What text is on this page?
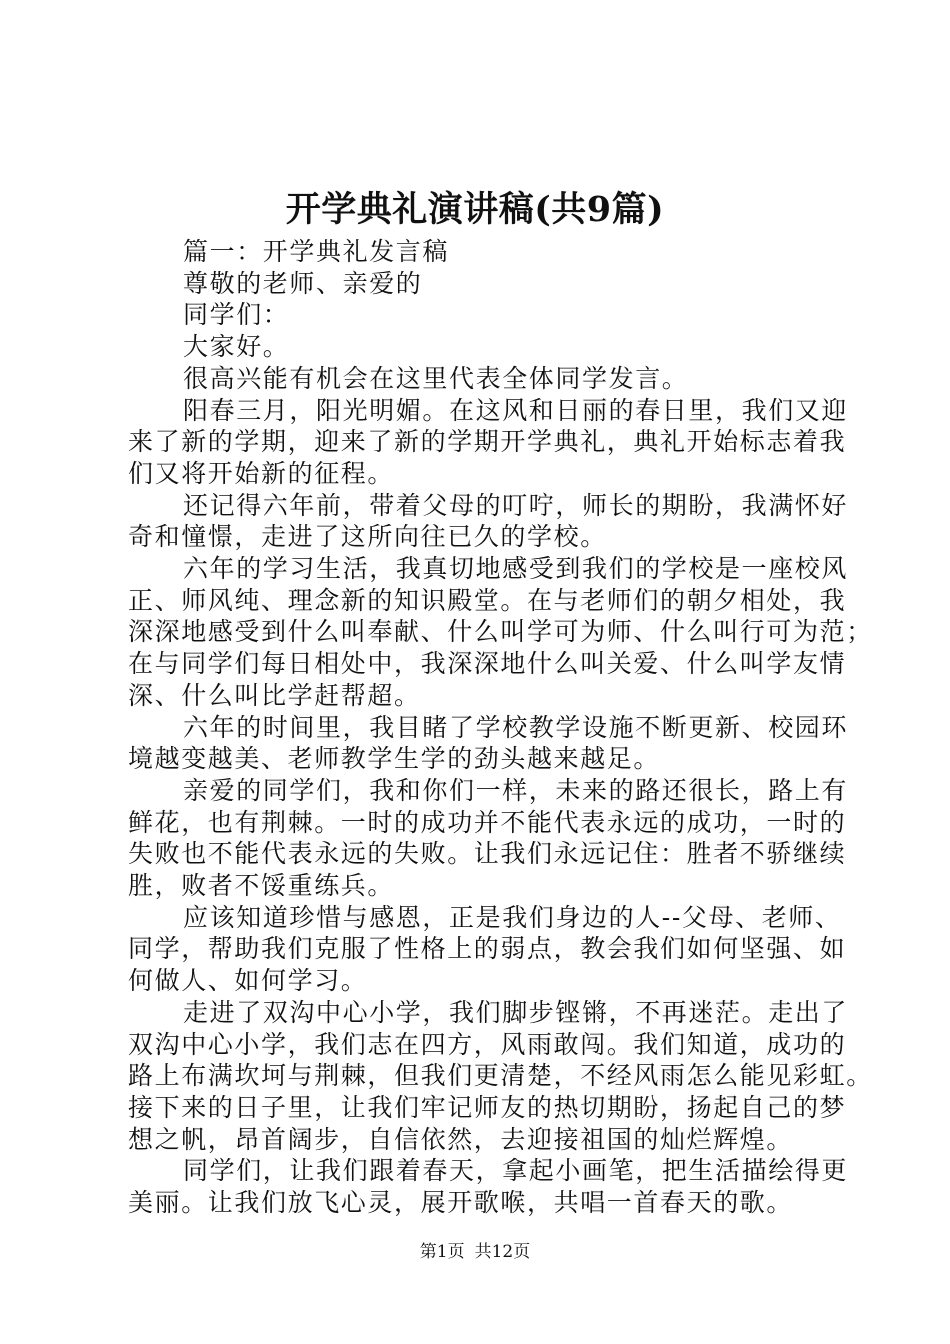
开学典礼演讲稿(共9篇)
篇一：开学典礼发言稿
尊敬的老师、亲爱的
同学们：
大家好。
很高兴能有机会在这里代表全体同学发言。
阳春三月，阳光明媚。在这风和日丽的春日里，我们又迎
来了新的学期，迎来了新的学期开学典礼，典礼开始标志着我
们又将开始新的征程。
还记得六年前，带着父母的叮咛，师长的期盼，我满怀好
奇和憧憬，走进了这所向往已久的学校。
六年的学习生活，我真切地感受到我们的学校是一座校风
正、师风纯、理念新的知识殿堂。在与老师们的朝夕相处，我
深深地感受到什么叫奉献、什么叫学可为师、什么叫行可为范；
在与同学们每日相处中，我深深地什么叫关爱、什么叫学友情
深、什么叫比学赶帮超。
六年的时间里，我目睹了学校教学设施不断更新、校园环
境越变越美、老师教学生学的劲头越来越足。
亲爱的同学们，我和你们一样，未来的路还很长，路上有
鲜花，也有荆棘。一时的成功并不能代表永远的成功，一时的
失败也不能代表永远的失败。让我们永远记住：胜者不骄继续
胜，败者不馁重练兵。
应该知道珍惜与感恩，正是我们身边的人--父母、老师、
同学，帮助我们克服了性格上的弱点，教会我们如何坚强、如
何做人、如何学习。
走进了双沟中心小学，我们脚步铿锵，不再迷茫。走出了
双沟中心小学，我们志在四方，风雨敢闯。我们知道，成功的
路上布满坎坷与荆棘，但我们更清楚，不经风雨怎么能见彩虹。
接下来的日子里，让我们牢记师友的热切期盼，扬起自己的梦
想之帆，昂首阔步，自信依然，去迎接祖国的灿烂辉煌。
同学们，让我们跟着春天，拿起小画笔，把生活描绘得更
美丽。让我们放飞心灵，展开歌喉，共唱一首春天的歌。
第1页 共12页
